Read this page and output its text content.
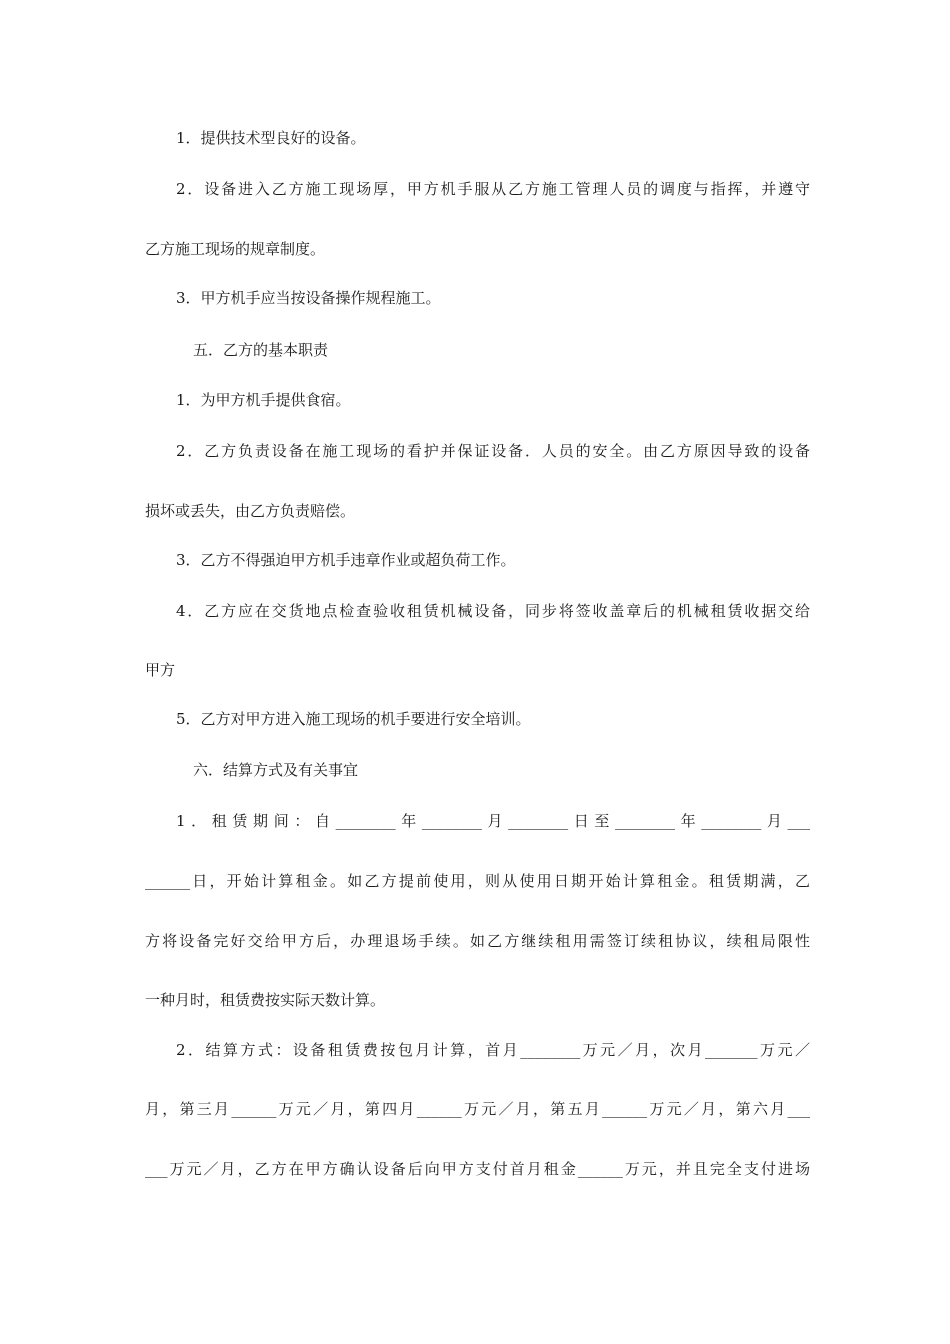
1．提供技术型良好的设备。
2．设备进入乙方施工现场厚，甲方机手服从乙方施工管理人员的调度与指挥，并遵守
乙方施工现场的规章制度。
3．甲方机手应当按设备操作规程施工。
五．乙方的基本职责
1．为甲方机手提供食宿。
2．乙方负责设备在施工现场的看护并保证设备．人员的安全。由乙方原因导致的设备
损坏或丢失，由乙方负责赔偿。
3．乙方不得强迫甲方机手违章作业或超负荷工作。
4．乙方应在交货地点检查验收租赁机械设备，同步将签收盖章后的机械租赁收据交给
甲方
5．乙方对甲方进入施工现场的机手要进行安全培训。
六．结算方式及有关事宜
1．租赁期间：自________年________月________日至________年________月___
______日，开始计算租金。如乙方提前使用，则从使用日期开始计算租金。租赁期满，乙
方将设备完好交给甲方后，办理退场手续。如乙方继续租用需签订续租协议，续租局限性
一种月时，租赁费按实际天数计算。
2．结算方式：设备租赁费按包月计算，首月________万元／月，次月_______万元／
月，第三月______万元／月，第四月______万元／月，第五月______万元／月，第六月___
___万元／月，乙方在甲方确认设备后向甲方支付首月租金______万元，并且完全支付进场
